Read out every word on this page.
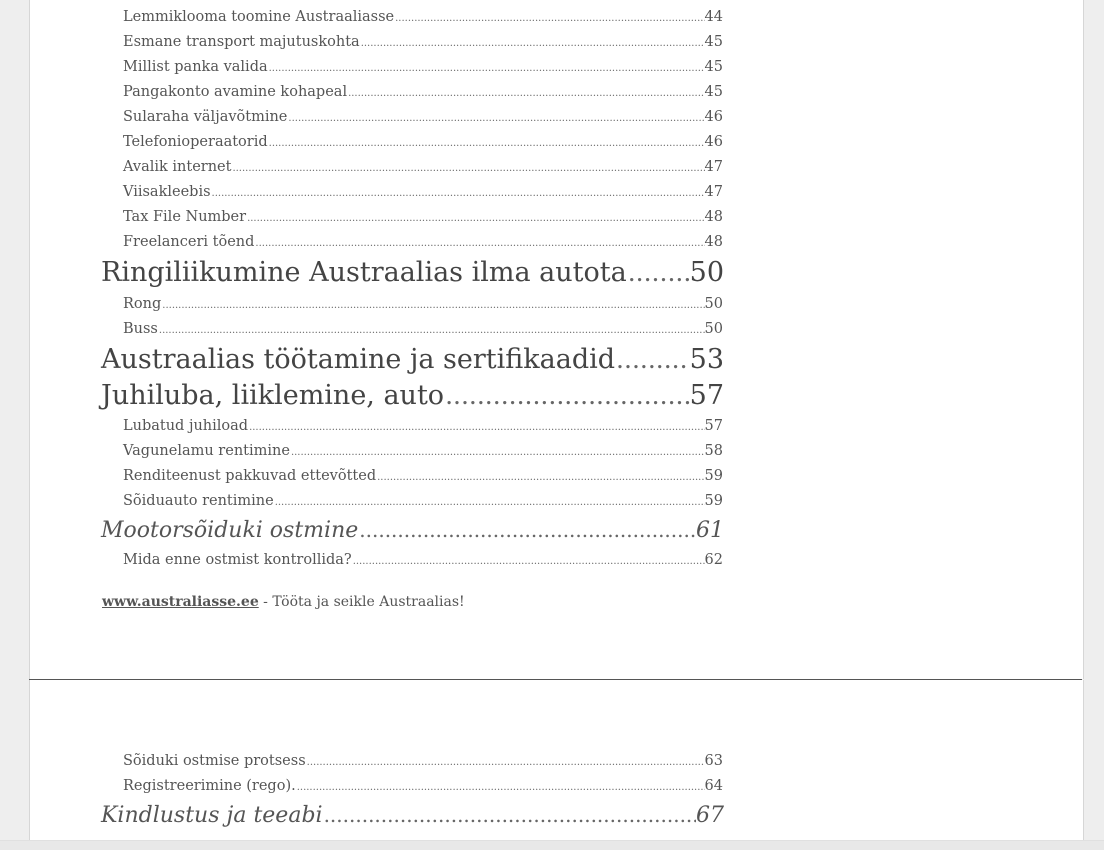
Lemmiklooma toomine Austraaliasse .....	44
Esmane transport majutuskohta .....	45
Millist panka valida .....	45
Pangakonto avamine kohapeal .....	45
Sularaha väljavõtmine .....	46
Telefonioperaatorid .....	46
Avalik internet .....	47
Viisakleebis .....	47
Tax File Number .....	48
Freelanceri tõend .....	48
Ringiliikumine Austraalias ilma autota ..... 50
Rong .....	50
Buss .....	50
Austraalias töötamine ja sertifikaadid .....	53
Juhiluba, liiklemine, auto .....	57
Lubatud juhiload .....	57
Vagunelamu rentimine .....	58
Renditeenust pakkuvad ettevõtted .....	59
Sõiduauto rentimine .....	59
Mootorsõiduki ostmine .....	61
Mida enne ostmist kontrollida? .....	62
www.australiasse.ee - Tööta ja seikle Austraalias!
Sõiduki ostmise protsess .....	63
Registreerimine (rego). .....	64
Kindlustus ja teeabi .....	67
